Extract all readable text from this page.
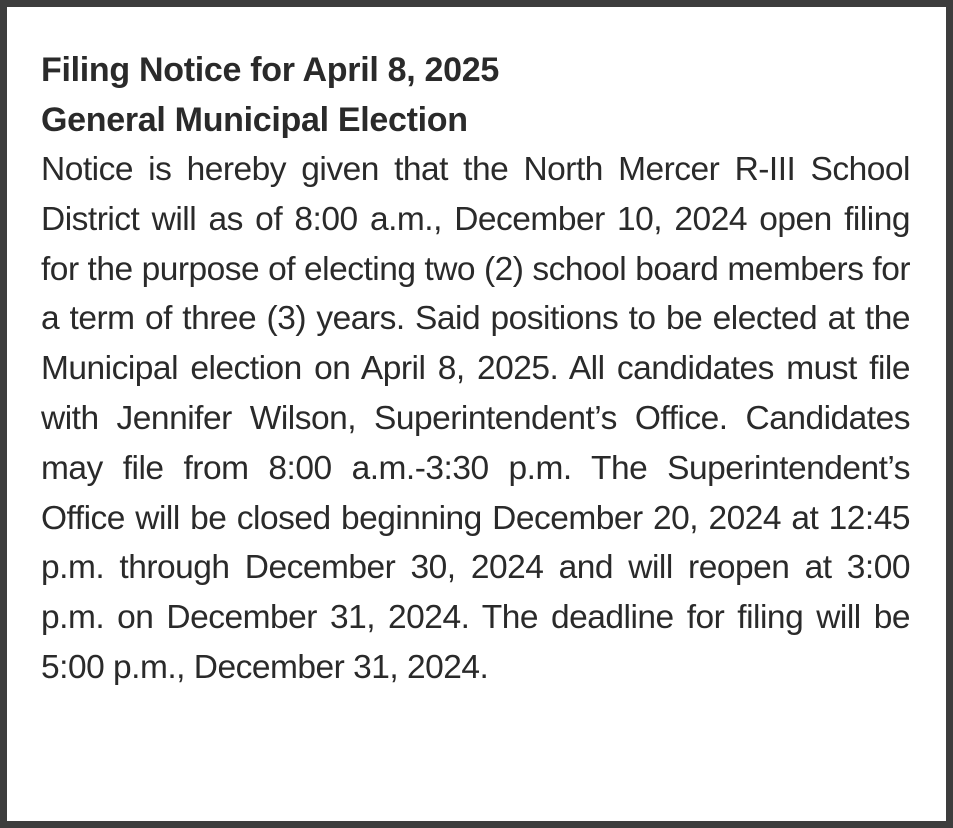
Filing Notice for April 8, 2025
General Municipal Election

Notice is hereby given that the North Mercer R-III School District will as of 8:00 a.m., December 10, 2024 open filing for the purpose of electing two (2) school board members for a term of three (3) years. Said positions to be elected at the Municipal election on April 8, 2025. All candidates must file with Jennifer Wilson, Superintendent’s Office. Candidates may file from 8:00 a.m.-3:30 p.m. The Superintendent’s Office will be closed beginning December 20, 2024 at 12:45 p.m. through December 30, 2024 and will reopen at 3:00 p.m. on December 31, 2024. The deadline for filing will be 5:00 p.m., December 31, 2024.
